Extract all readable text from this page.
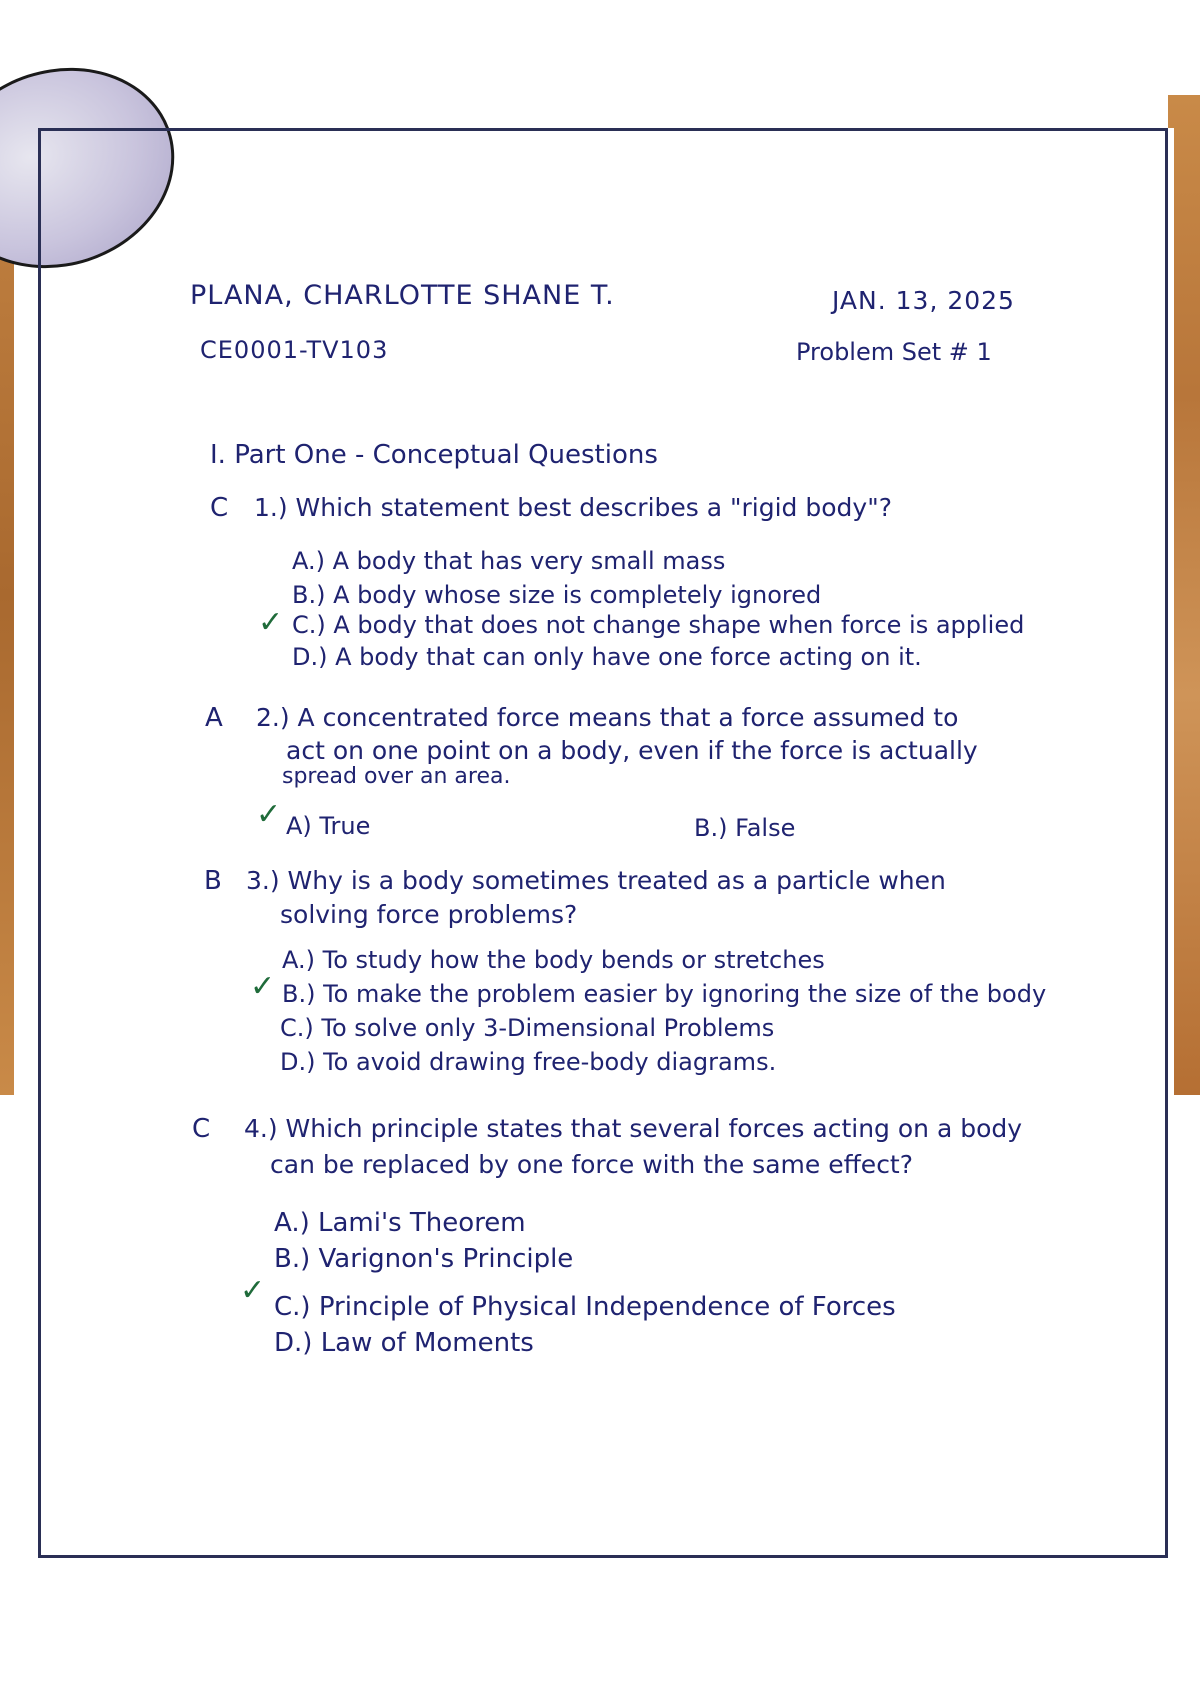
PLANA, CHARLOTTE SHANE T.	JAN. 13, 2025
CE0001-TV103	Problem Set # 1
I. Part One - Conceptual Questions
C 1.) Which statement best describes a "rigid body"?
A.) A body that has very small mass
B.) A body whose size is completely ignored
✓ C.) A body that does not change shape when force is applied
D.) A body that can only have one force acting on it.
A 2.) A concentrated force means that a force assumed to
act on one point on a body, even if the force is actually
spread over an area.
✓ A) True	B.) False
B 3.) Why is a body sometimes treated as a particle when
solving force problems?
A.) To study how the body bends or stretches
✓ B.) To make the problem easier by ignoring the size of the body
C.) To solve only 3-Dimensional Problems
D.) To avoid drawing free-body diagrams.
C 4.) Which principle states that several forces acting on a body
can be replaced by one force with the same effect?
A.) Lami's Theorem
B.) Varignon's Principle
✓ C.) Principle of Physical Independence of Forces
D.) Law of Moments
